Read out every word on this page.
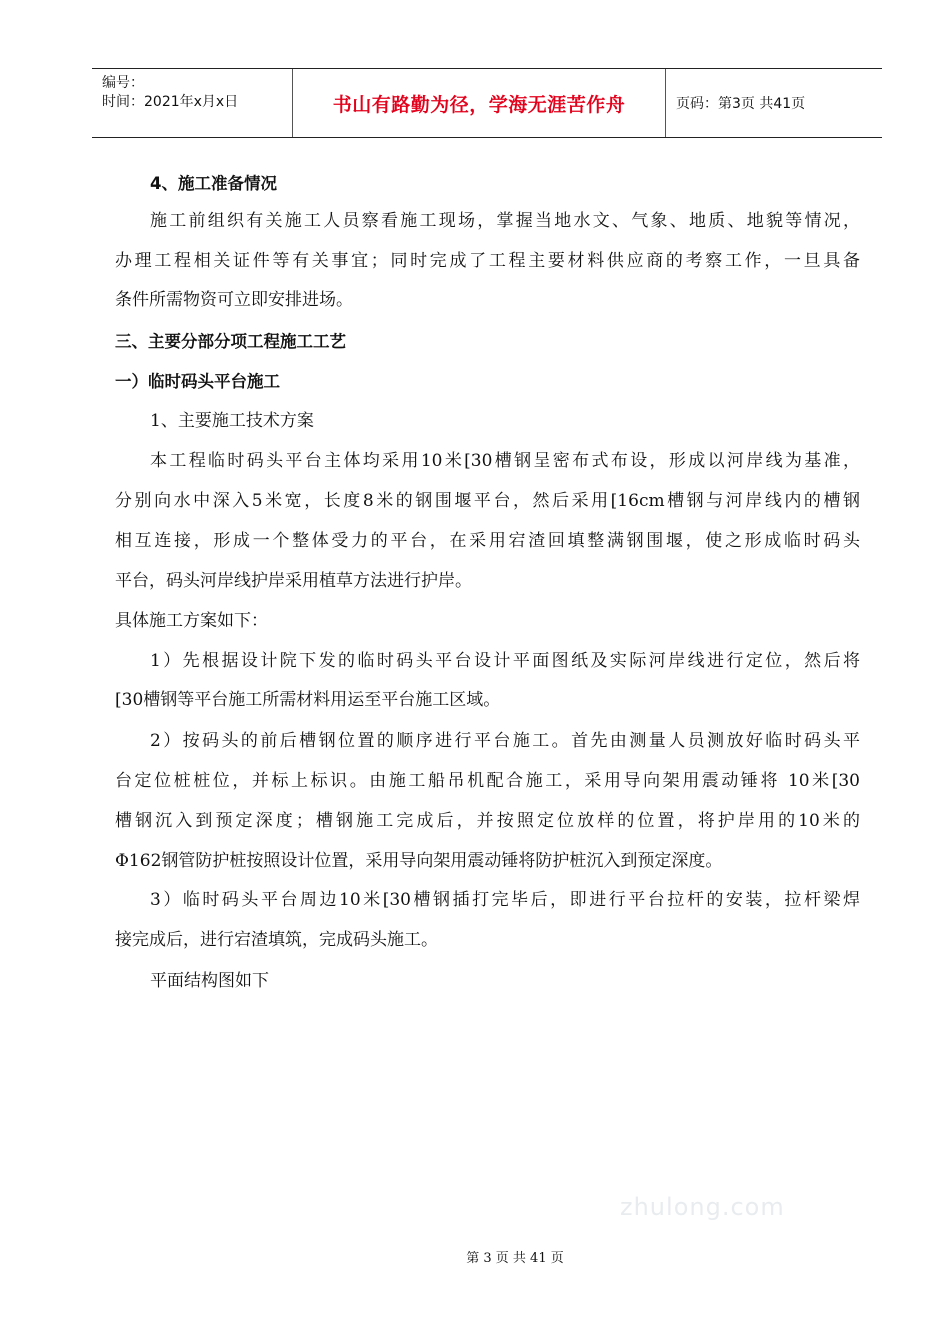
编号：
时间：2021年x月x日	书山有路勤为径，学海无涯苦作舟	页码：第3页 共41页
4、施工准备情况
施工前组织有关施工人员察看施工现场，掌握当地水文、气象、地质、地貌等情况，
办理工程相关证件等有关事宜；同时完成了工程主要材料供应商的考察工作，一旦具备
条件所需物资可立即安排进场。
三、主要分部分项工程施工工艺
一）临时码头平台施工
1、主要施工技术方案
本工程临时码头平台主体均采用10米[30槽钢呈密布式布设，形成以河岸线为基准，
分别向水中深入5米宽，长度8米的钢围堰平台，然后采用[16cm槽钢与河岸线内的槽钢
相互连接，形成一个整体受力的平台，在采用宕渣回填整满钢围堰，使之形成临时码头
平台，码头河岸线护岸采用植草方法进行护岸。
具体施工方案如下：
1）先根据设计院下发的临时码头平台设计平面图纸及实际河岸线进行定位，然后将
[30槽钢等平台施工所需材料用运至平台施工区域。
2）按码头的前后槽钢位置的顺序进行平台施工。首先由测量人员测放好临时码头平
台定位桩桩位，并标上标识。由施工船吊机配合施工，采用导向架用震动锤将 10米[30
槽钢沉入到预定深度；槽钢施工完成后，并按照定位放样的位置，将护岸用的10米的
Φ162钢管防护桩按照设计位置，采用导向架用震动锤将防护桩沉入到预定深度。
3）临时码头平台周边10米[30槽钢插打完毕后，即进行平台拉杆的安装，拉杆梁焊
接完成后，进行宕渣填筑，完成码头施工。
平面结构图如下
zhulong.com
第 3 页 共 41 页
